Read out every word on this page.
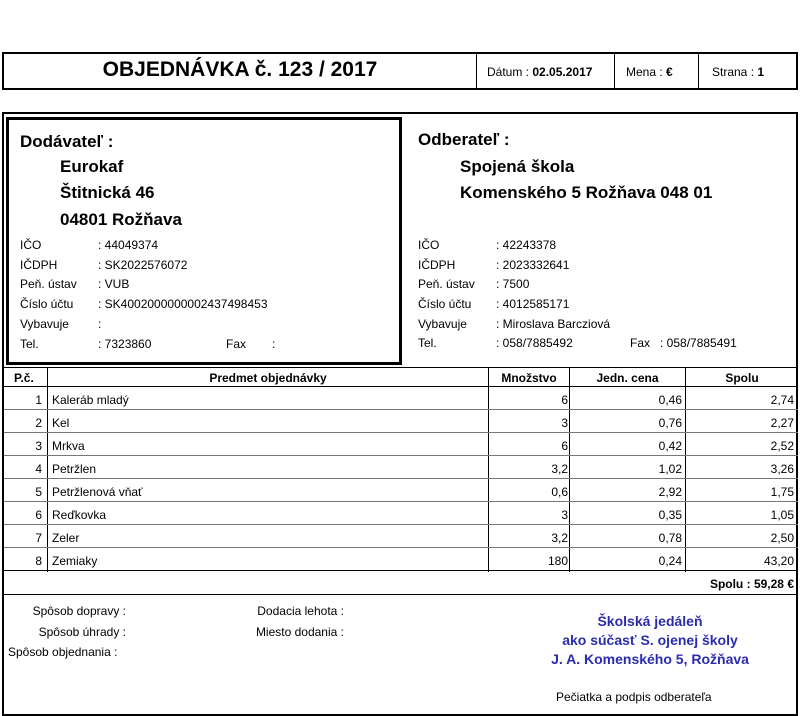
OBJEDNÁVKA č. 123 / 2017	Dátum : 02.05.2017	Mena : €	Strana : 1
Dodávateľ :
Eurokaf
Štitnická 46
04801 Rožňava
IČO	: 44049374
IČDPH	: SK2022576072
Peň. ústav : VUB
Číslo účtu : SK4002000000002437498453
Vybavuje :
Tel.	: 7323860	Fax :
Odberateľ :
Spojená škola
Komenského 5 Rožňava 048 01
IČO	: 42243378
IČDPH	: 2023332641
Peň. ústav : 7500
Číslo účtu : 4012585171
Vybavuje : Miroslava Barcziová
Tel.	: 058/7885492	Fax : 058/7885491
P.č.	Predmet objednávky	Množstvo	Jedn. cena	Spolu
1 Kaleráb mladý	6	0,46	2,74
2 Kel	3	0,76	2,27
3 Mrkva	6	0,42	2,52
4 Petržlen	3,2	1,02	3,26
5 Petržlenová vňať	0,6	2,92	1,75
6 Reďkovka	3	0,35	1,05
7 Zeler	3,2	0,78	2,50
8 Zemiaky	180	0,24	43,20
Spolu : 59,28 €
Spôsob dopravy :
Spôsob úhrady :
Spôsob objednania :
Dodacia lehota :
Miesto dodania :
Školská jedáleň
ako súčasť S. ojenej školy
J. A. Komenského 5, Rožňava
Pečiatka a podpis odberateľa
